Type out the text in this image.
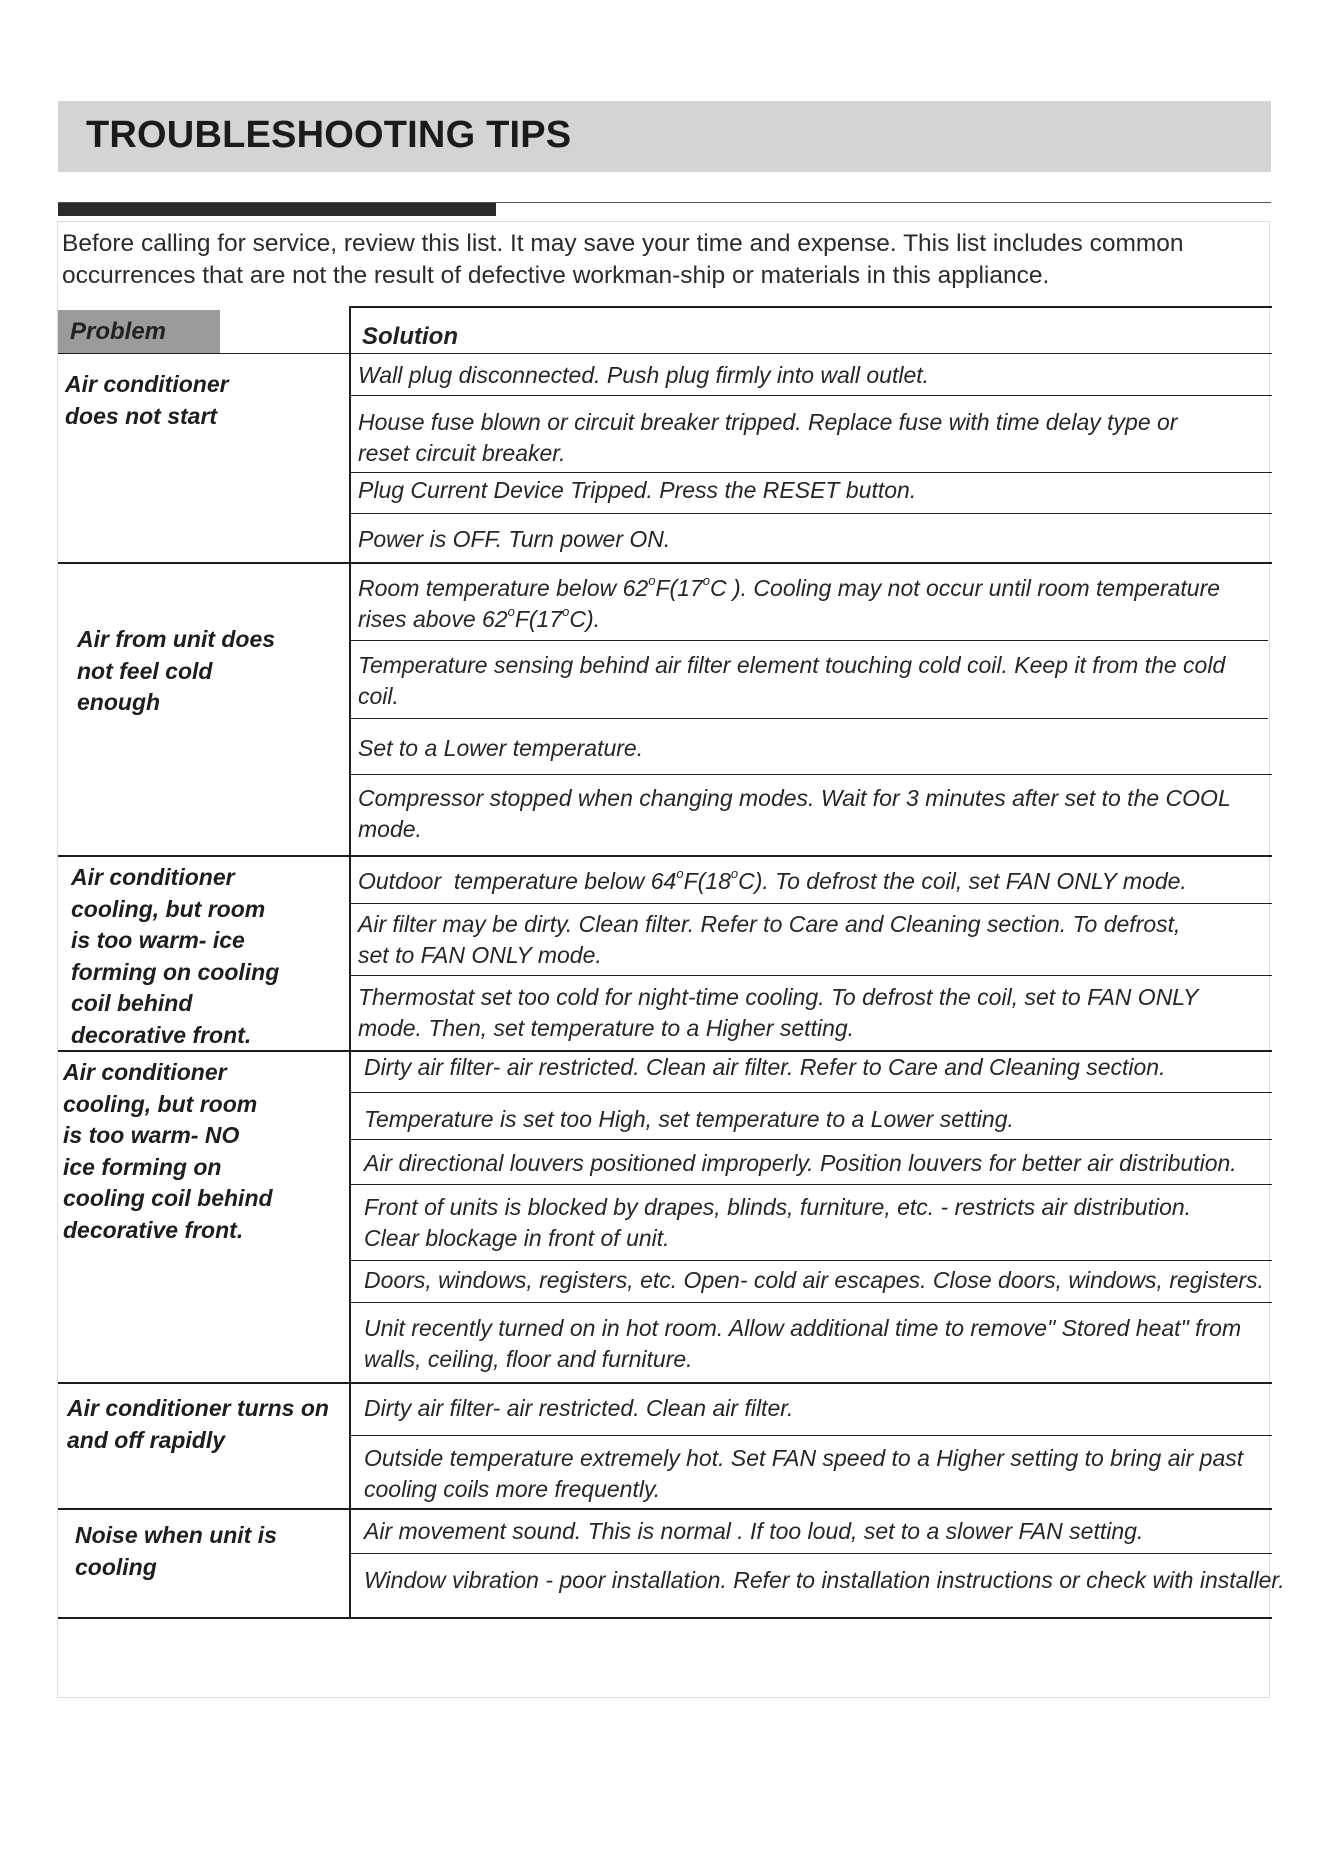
TROUBLESHOOTING TIPS

Before calling for service, review this list. It may save your time and expense. This list includes common
occurrences that are not the result of defective workman-ship or materials in this appliance.

Problem	Solution

Air conditioner
does not start

Air from unit does
not feel cold
enough

Air conditioner
cooling, but room
is too warm- ice
forming on cooling
coil behind
decorative front.

Air conditioner
cooling, but room
is too warm- NO
ice forming on
cooling coil behind
decorative front.

Air conditioner turns on
and off rapidly

Noise when unit is
cooling

Wall plug disconnected. Push plug firmly into wall outlet.

House fuse blown or circuit breaker tripped. Replace fuse with time delay type or
reset circuit breaker.

Plug Current Device Tripped. Press the RESET button.

Power is OFF. Turn power ON.

Room temperature below 62$^o$F(17$^o$C ). Cooling may not occur until room temperature
rises above 62$^o$F(17$^o$C).

Temperature sensing behind air filter element touching cold coil. Keep it from the cold
coil.

Set to a Lower temperature.

Compressor stopped when changing modes. Wait for 3 minutes after set to the COOL
mode.

Outdoor  temperature below 64$^o$F(18$^o$C). To defrost the coil, set FAN ONLY mode.

Air filter may be dirty. Clean filter. Refer to Care and Cleaning section. To defrost,
set to FAN ONLY mode.

Thermostat set too cold for night-time cooling. To defrost the coil, set to FAN ONLY
mode. Then, set temperature to a Higher setting.

Dirty air filter- air restricted. Clean air filter. Refer to Care and Cleaning section.

Temperature is set too High, set temperature to a Lower setting.

Air directional louvers positioned improperly. Position louvers for better air distribution.

Front of units is blocked by drapes, blinds, furniture, etc. - restricts air distribution.
Clear blockage in front of unit.

Doors, windows, registers, etc. Open- cold air escapes. Close doors, windows, registers.

Unit recently turned on in hot room. Allow additional time to remove" Stored heat" from
walls, ceiling, floor and furniture.

Dirty air filter- air restricted. Clean air filter.

Outside temperature extremely hot. Set FAN speed to a Higher setting to bring air past
cooling coils more frequently.

Air movement sound. This is normal . If too loud, set to a slower FAN setting.

Window vibration - poor installation. Refer to installation instructions or check with installer.
